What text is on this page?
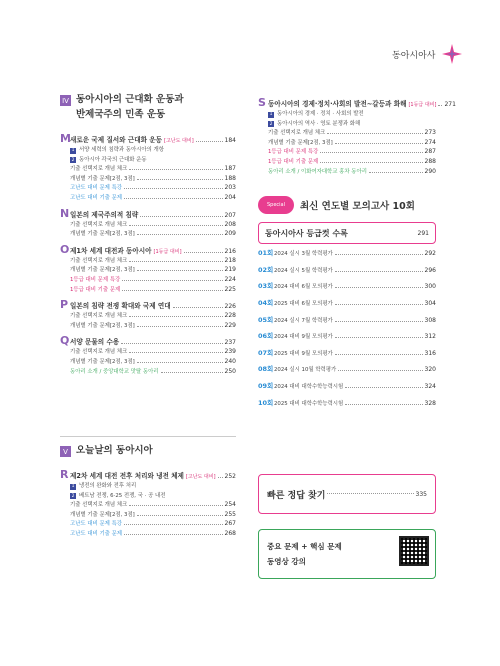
동아시아사
IV 동아시아의 근대화 운동과
반제국주의 민족 운동
M 새로운 국제 질서와 근대화 운동 [고난도 대비]	184
1 서양 세력의 침략과 동아시아의 개항
2 동아시아 각국의 근대화 운동
기출 선택지로 개념 체크	187
개념별 기출 문제[2점, 3점]	188
고난도 대비 문제 특강	203
고난도 대비 기출 문제	204
N 일본의 제국주의적 침략	207
기출 선택지로 개념 체크	208
개념별 기출 문제[2점, 3점]	209
O 제1차 세계 대전과 동아시아 [1등급 대비]	216
기출 선택지로 개념 체크	218
개념별 기출 문제[2점, 3점]	219
1등급 대비 문제 특강	224
1등급 대비 기출 문제	225
P 일본의 침략 전쟁 확대와 국제 연대	226
기출 선택지로 개념 체크	228
개념별 기출 문제[2점, 3점]	229
Q 서양 문물의 수용	237
기출 선택지로 개념 체크	239
개념별 기출 문제[2점, 3점]	240
동아리 소개 / 중앙대학교 맛탈 동아리	250
V 오늘날의 동아시아
R 제2차 세계 대전 전후 처리와 냉전 체제 [고난도 대비] 252
1 냉전의 완화와 전후 처리
2 베트남 전쟁, 6·25 전쟁, 국 · 공 내전
기출 선택지로 개념 체크	254
개념별 기출 문제[2점, 3점]	255
고난도 대비 문제 특강	267
고난도 대비 기출 문제	268
S 동아시아의 경제·정치·사회의 발전~갈등과 화해 [1등급 대비] 271
1 동아시아의 경제 · 정치 · 사회의 발전
2 동아시아의 역사 · 영토 분쟁과 화해
기출 선택지로 개념 체크	273
개념별 기출 문제[2점, 3점]	274
1등급 대비 문제 특강	287
1등급 대비 기출 문제	288
동아리 소개 / 이화여자대학교 홍차 동아리	290
Special	최신 연도별 모의고사 10회
동아시아사 등급컷 수록	291
01회 2024 실시 3월 학력평가	292
02회 2024 실시 5월 학력평가	296
03회 2024 대비 6월 모의평가	300
04회 2025 대비 6월 모의평가	304
05회 2024 실시 7월 학력평가	308
06회 2024 대비 9월 모의평가	312
07회 2025 대비 9월 모의평가	316
08회 2024 실시 10월 학력평가	320
09회 2024 대비 대학수학능력시험	324
10회 2025 대비 대학수학능력시험	328
빠른 정답 찾기	335
중요 문제 + 핵심 문제
동영상 강의
